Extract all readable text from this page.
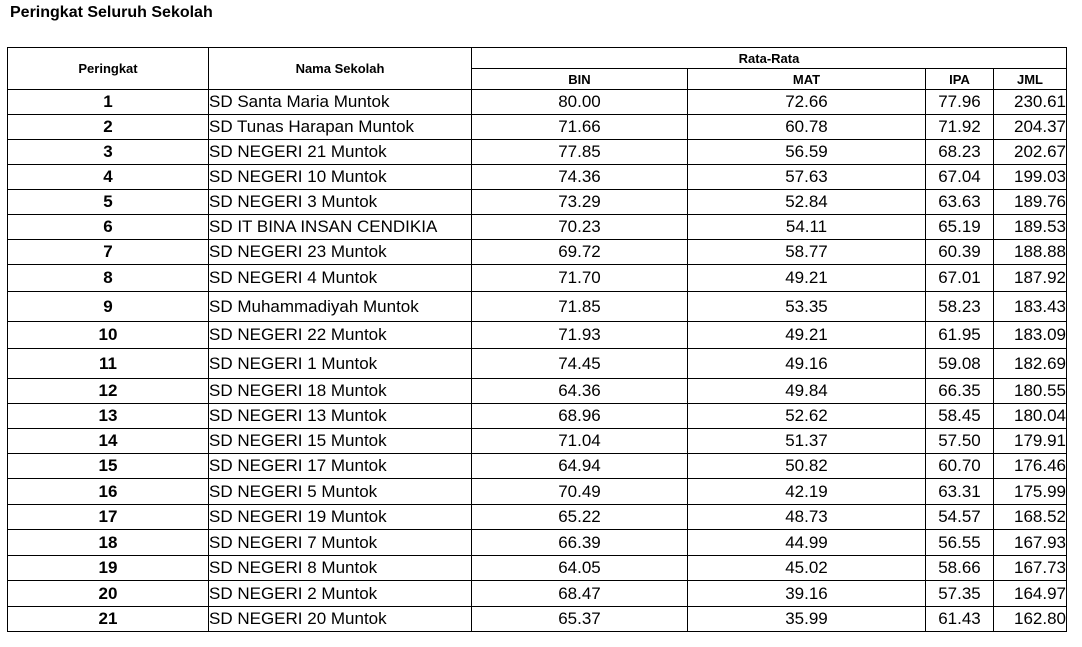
Peringkat Seluruh Sekolah
Peringkat	Nama Sekolah	Rata-Rata			
		BIN	MAT	IPA	JML
1	SD Santa Maria Muntok	80.00	72.66	77.96	230.61
2	SD Tunas Harapan Muntok	71.66	60.78	71.92	204.37
3	SD NEGERI 21 Muntok	77.85	56.59	68.23	202.67
4	SD NEGERI 10 Muntok	74.36	57.63	67.04	199.03
5	SD NEGERI 3 Muntok	73.29	52.84	63.63	189.76
6	SD IT BINA INSAN CENDIKIA	70.23	54.11	65.19	189.53
7	SD NEGERI 23 Muntok	69.72	58.77	60.39	188.88
8	SD NEGERI 4 Muntok	71.70	49.21	67.01	187.92
9	SD Muhammadiyah Muntok	71.85	53.35	58.23	183.43
10	SD NEGERI 22 Muntok	71.93	49.21	61.95	183.09
11	SD NEGERI 1 Muntok	74.45	49.16	59.08	182.69
12	SD NEGERI 18 Muntok	64.36	49.84	66.35	180.55
13	SD NEGERI 13 Muntok	68.96	52.62	58.45	180.04
14	SD NEGERI 15 Muntok	71.04	51.37	57.50	179.91
15	SD NEGERI 17 Muntok	64.94	50.82	60.70	176.46
16	SD NEGERI 5 Muntok	70.49	42.19	63.31	175.99
17	SD NEGERI 19 Muntok	65.22	48.73	54.57	168.52
18	SD NEGERI 7 Muntok	66.39	44.99	56.55	167.93
19	SD NEGERI 8 Muntok	64.05	45.02	58.66	167.73
20	SD NEGERI 2 Muntok	68.47	39.16	57.35	164.97
21	SD NEGERI 20 Muntok	65.37	35.99	61.43	162.80
